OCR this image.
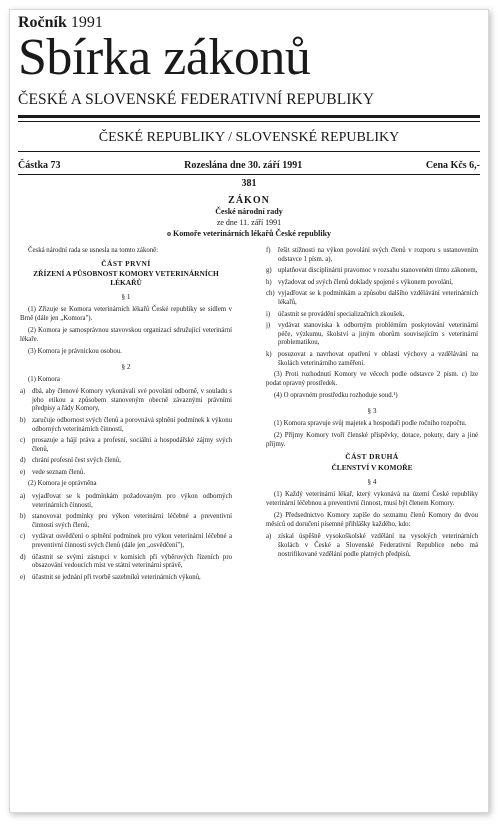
Ročník 1991
Sbírka zákonů
ČESKÉ A SLOVENSKÉ FEDERATIVNÍ REPUBLIKY
ČESKÉ REPUBLIKY / SLOVENSKÉ REPUBLIKY
Částka 73	Rozeslána dne 30. září 1991	Cena Kčs 6,-
381
ZÁKON
České národní rady
ze dne 11. září 1991
o Komoře veterinárních lékařů České republiky

Česká národní rada se usnesla na tomto zákoně:

ČÁST PRVNÍ
ZŘÍZENÍ A PŮSOBNOST KOMORY VETERINÁRNÍCH LÉKAŘŮ
§ 1

(1) Zřizuje se Komora veterinárních lékařů České republiky se sídlem v Brně (dále jen „Komora").

(2) Komora je samosprávnou stavovskou organizací sdružující veterinární lékaře.

(3) Komora je právnickou osobou.

§ 2

(1) Komora

a) dbá, aby členové Komory vykonávali své povolání odborně, v souladu s jeho etikou a způsobem stanoveným obecně závaznými právními předpisy a řády Komory,
b) zaručuje odbornost svých členů a porovnává splnění podmínek k výkonu odborných veterinárních činností,
c) prosazuje a hájí práva a profesní, sociální a hospodářské zájmy svých členů,
d) chrání profesní čest svých členů,
e) vede seznam členů.

(2) Komora je oprávněna

a) vyjadřovat se k podmínkám požadovaným pro výkon odborných veterinárních činností,
b) stanovovat podmínky pro výkon veterinární léčebné a preventivní činnosti svých členů,
c) vydávat osvědčení o splnění podmínek pro výkon veterinární léčebné a preventivní činnosti svých členů (dále jen „osvědčení"),
d) účastnit se svými zástupci v komisích při výběrových řízeních pro obsazování vedoucích míst ve státní veterinární správě,
e) účastnit se jednání při tvorbě sazebníků veterinárních výkonů,
f)	řešit stížnosti na výkon povolání svých členů v rozporu s ustanovením odstavce 1 písm. a),
g) uplatňovat disciplinární pravomoc v rozsahu stanoveném tímto zákonem,
h) vyžadovat od svých členů doklady spojené s výkonem povolání,
ch) vyjadřovat se k podmínkám a způsobu dalšího vzdělávání veterinárních lékařů,
i)	účastnit se provádění specializačních zkoušek,
j)	vydávat stanoviska k odborným problémům poskytování veterinární péče, výzkumu, školství a jiným oborům souvisejícím s veterinární problematikou,
k) posuzovat a navrhovat opatření v oblasti výchovy a vzdělávání na školách veterinárního zaměření.

(3) Proti rozhodnutí Komory ve věcech podle odstavce 2 písm. c) lze podat opravný prostředek.

(4) O opravném prostředku rozhoduje soud.¹)

§ 3

(1) Komora spravuje svůj majetek a hospodaří podle ročního rozpočtu.

(2) Příjmy Komory tvoří členské příspěvky, dotace, pokuty, dary a jiné příjmy.

ČÁST DRUHÁ
ČLENSTVÍ V KOMOŘE
§ 4

(1) Každý veterinární lékař, který vykonává na území České republiky veterinární léčebnou a preventivní činnost, musí být členem Komory.

(2) Předsednictvo Komory zapíše do seznamu členů Komory do dvou měsíců od doručení písemné přihlášky každého, kdo:

a) získal úspěšně vysokoškolské vzdělání na vysokých veterinárních školách v České a Slovenské Federativní Republice nebo má nostrifikované vzdělání podle platných předpisů,
